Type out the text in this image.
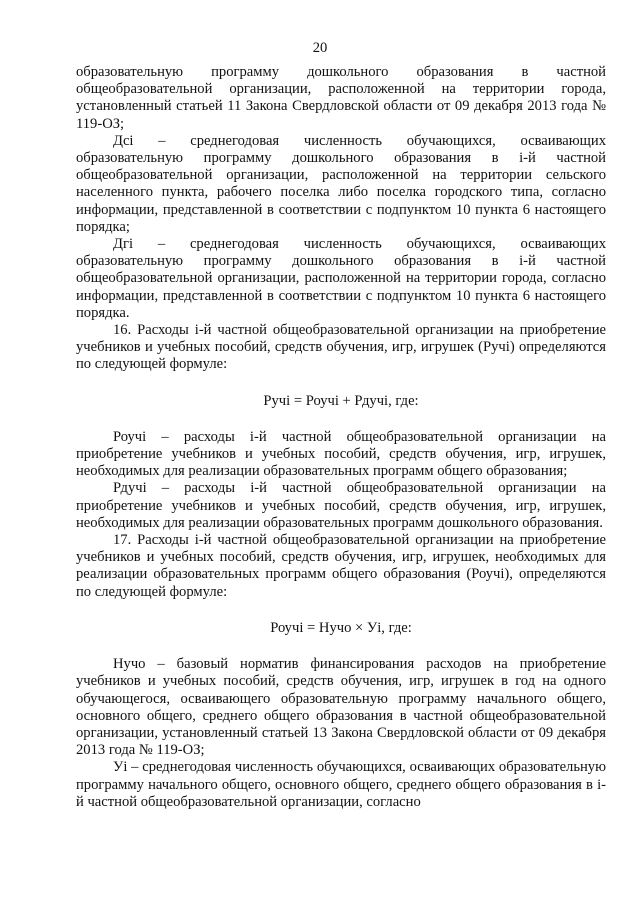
20

образовательную программу дошкольного образования в частной общеобразовательной организации, расположенной на территории города, установленный статьей 11 Закона Свердловской области от 09 декабря 2013 года № 119-ОЗ;

Дсi – среднегодовая численность обучающихся, осваивающих образовательную программу дошкольного образования в i-й частной общеобразовательной организации, расположенной на территории сельского населенного пункта, рабочего поселка либо поселка городского типа, согласно информации, представленной в соответствии с подпунктом 10 пункта 6 настоящего порядка;

Дгi – среднегодовая численность обучающихся, осваивающих образовательную программу дошкольного образования в i-й частной общеобразовательной организации, расположенной на территории города, согласно информации, представленной в соответствии с подпунктом 10 пункта 6 настоящего порядка.

16. Расходы i-й частной общеобразовательной организации на приобретение учебников и учебных пособий, средств обучения, игр, игрушек (Ручi) определяются по следующей формуле:

Ручi = Роучi + Рдучi, где:

Роучi – расходы i-й частной общеобразовательной организации на приобретение учебников и учебных пособий, средств обучения, игр, игрушек, необходимых для реализации образовательных программ общего образования;

Рдучi – расходы i-й частной общеобразовательной организации на приобретение учебников и учебных пособий, средств обучения, игр, игрушек, необходимых для реализации образовательных программ дошкольного образования.

17. Расходы i-й частной общеобразовательной организации на приобретение учебников и учебных пособий, средств обучения, игр, игрушек, необходимых для реализации образовательных программ общего образования (Роучi), определяются по следующей формуле:

Роучi = Нучо × Уi, где:

Нучо – базовый норматив финансирования расходов на приобретение учебников и учебных пособий, средств обучения, игр, игрушек в год на одного обучающегося, осваивающего образовательную программу начального общего, основного общего, среднего общего образования в частной общеобразовательной организации, установленный статьей 13 Закона Свердловской области от 09 декабря 2013 года № 119-ОЗ;

Уi – среднегодовая численность обучающихся, осваивающих образовательную программу начального общего, основного общего, среднего общего образования в i-й частной общеобразовательной организации, согласно
